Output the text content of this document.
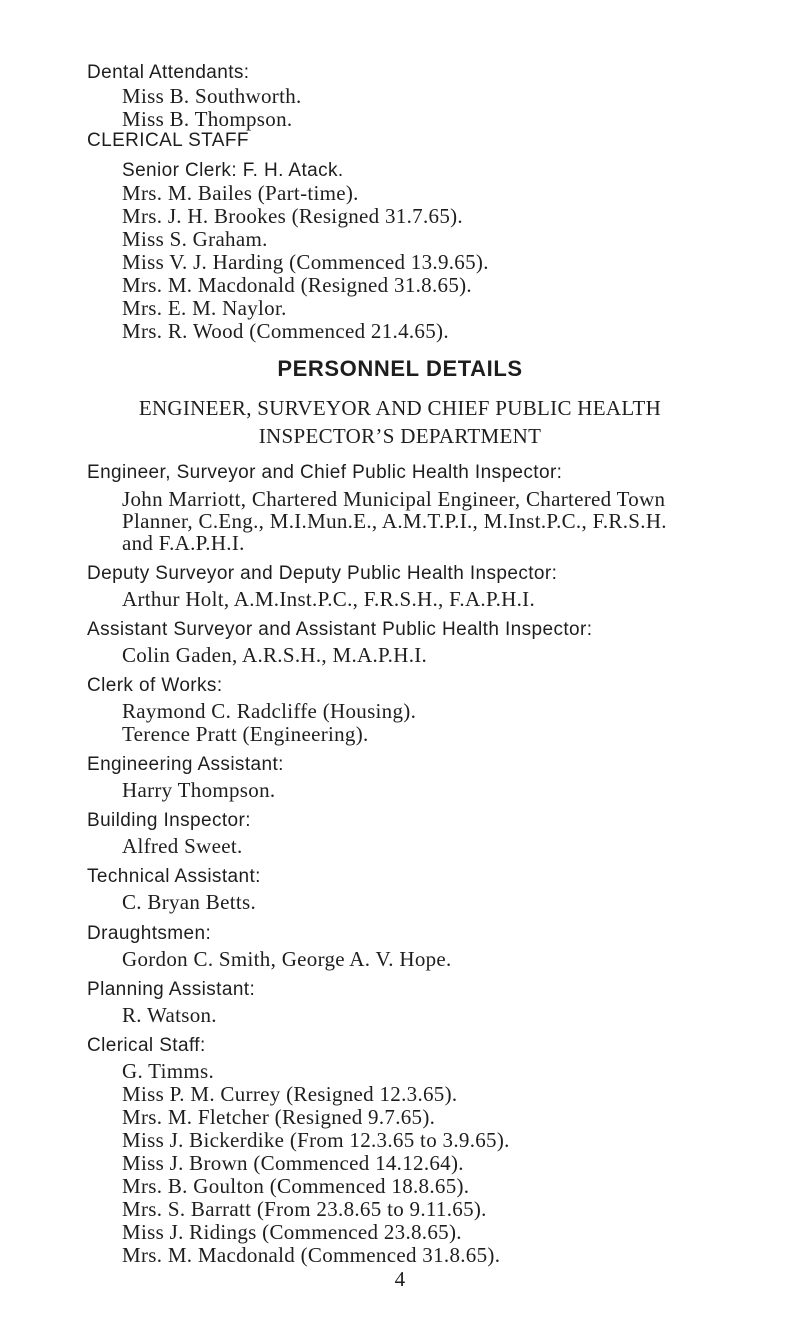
Dental Attendants:
Miss B. Southworth.
Miss B. Thompson.
CLERICAL STAFF
Senior Clerk: F. H. Atack.
Mrs. M. Bailes (Part-time).
Mrs. J. H. Brookes (Resigned 31.7.65).
Miss S. Graham.
Miss V. J. Harding (Commenced 13.9.65).
Mrs. M. Macdonald (Resigned 31.8.65).
Mrs. E. M. Naylor.
Mrs. R. Wood (Commenced 21.4.65).
PERSONNEL DETAILS
ENGINEER, SURVEYOR AND CHIEF PUBLIC HEALTH
INSPECTOR’S DEPARTMENT
Engineer, Surveyor and Chief Public Health Inspector:
John Marriott, Chartered Municipal Engineer, Chartered Town
Planner, C.Eng., M.I.Mun.E., A.M.T.P.I., M.Inst.P.C., F.R.S.H.
and F.A.P.H.I.
Deputy Surveyor and Deputy Public Health Inspector:
Arthur Holt, A.M.Inst.P.C., F.R.S.H., F.A.P.H.I.
Assistant Surveyor and Assistant Public Health Inspector:
Colin Gaden, A.R.S.H., M.A.P.H.I.
Clerk of Works:
Raymond C. Radcliffe (Housing).
Terence Pratt (Engineering).
Engineering Assistant:
Harry Thompson.
Building Inspector:
Alfred Sweet.
Technical Assistant:
C. Bryan Betts.
Draughtsmen:
Gordon C. Smith, George A. V. Hope.
Planning Assistant:
R. Watson.
Clerical Staff:
G. Timms.
Miss P. M. Currey (Resigned 12.3.65).
Mrs. M. Fletcher (Resigned 9.7.65).
Miss J. Bickerdike (From 12.3.65 to 3.9.65).
Miss J. Brown (Commenced 14.12.64).
Mrs. B. Goulton (Commenced 18.8.65).
Mrs. S. Barratt (From 23.8.65 to 9.11.65).
Miss J. Ridings (Commenced 23.8.65).
Mrs. M. Macdonald (Commenced 31.8.65).
4
